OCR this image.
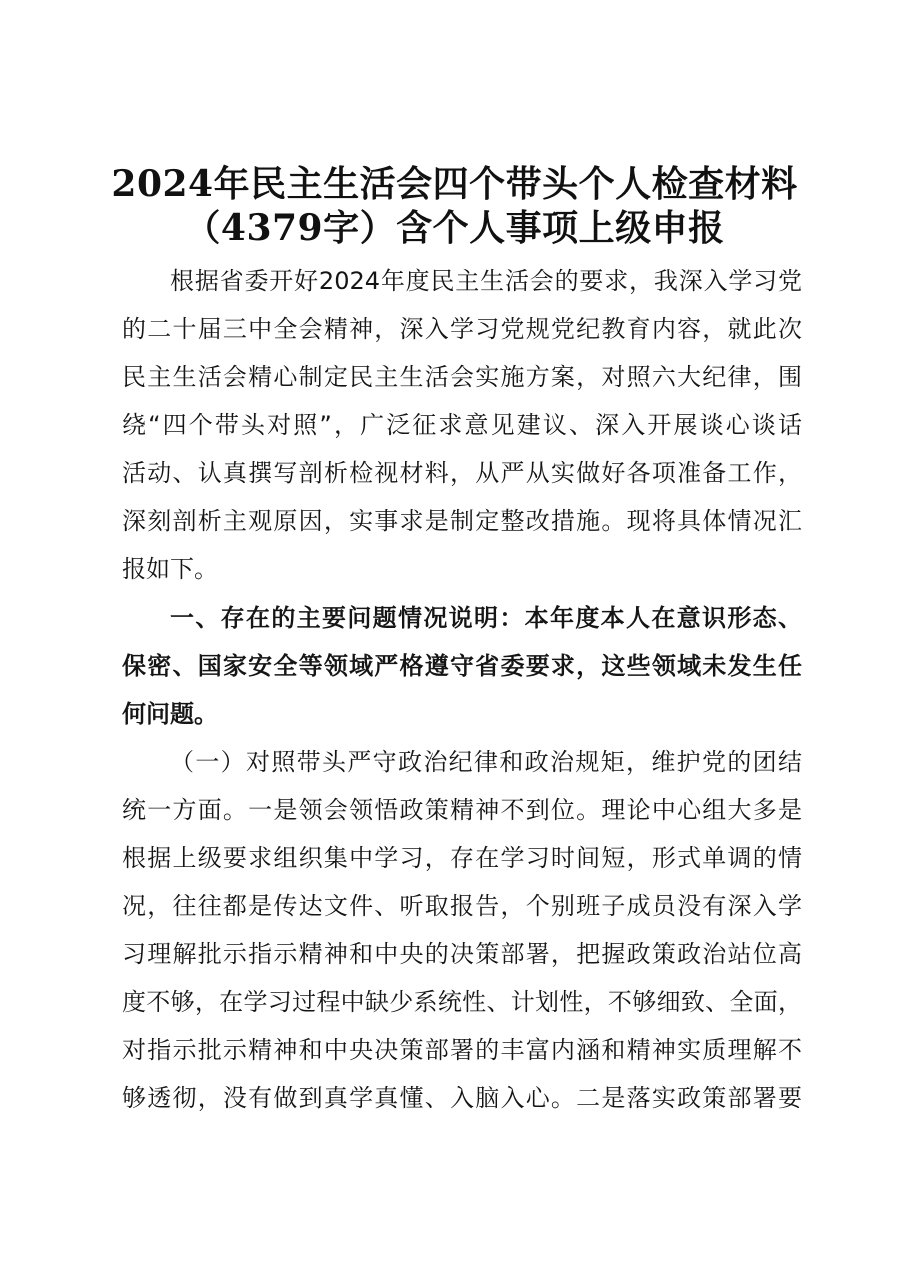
2024年民主生活会四个带头个人检查材料
（4379字）含个人事项上级申报
根据省委开好2024年度民主生活会的要求，我深入学习党
的二十届三中全会精神，深入学习党规党纪教育内容，就此次
民主生活会精心制定民主生活会实施方案，对照六大纪律，围
绕“四个带头对照”，广泛征求意见建议、深入开展谈心谈话
活动、认真撰写剖析检视材料，从严从实做好各项准备工作，
深刻剖析主观原因，实事求是制定整改措施。现将具体情况汇
报如下。
一、存在的主要问题情况说明：本年度本人在意识形态、
保密、国家安全等领域严格遵守省委要求，这些领域未发生任
何问题。
（一）对照带头严守政治纪律和政治规矩，维护党的团结
统一方面。一是领会领悟政策精神不到位。理论中心组大多是
根据上级要求组织集中学习，存在学习时间短，形式单调的情
况，往往都是传达文件、听取报告，个别班子成员没有深入学
习理解批示指示精神和中央的决策部署，把握政策政治站位高
度不够，在学习过程中缺少系统性、计划性，不够细致、全面，
对指示批示精神和中央决策部署的丰富内涵和精神实质理解不
够透彻，没有做到真学真懂、入脑入心。二是落实政策部署要
